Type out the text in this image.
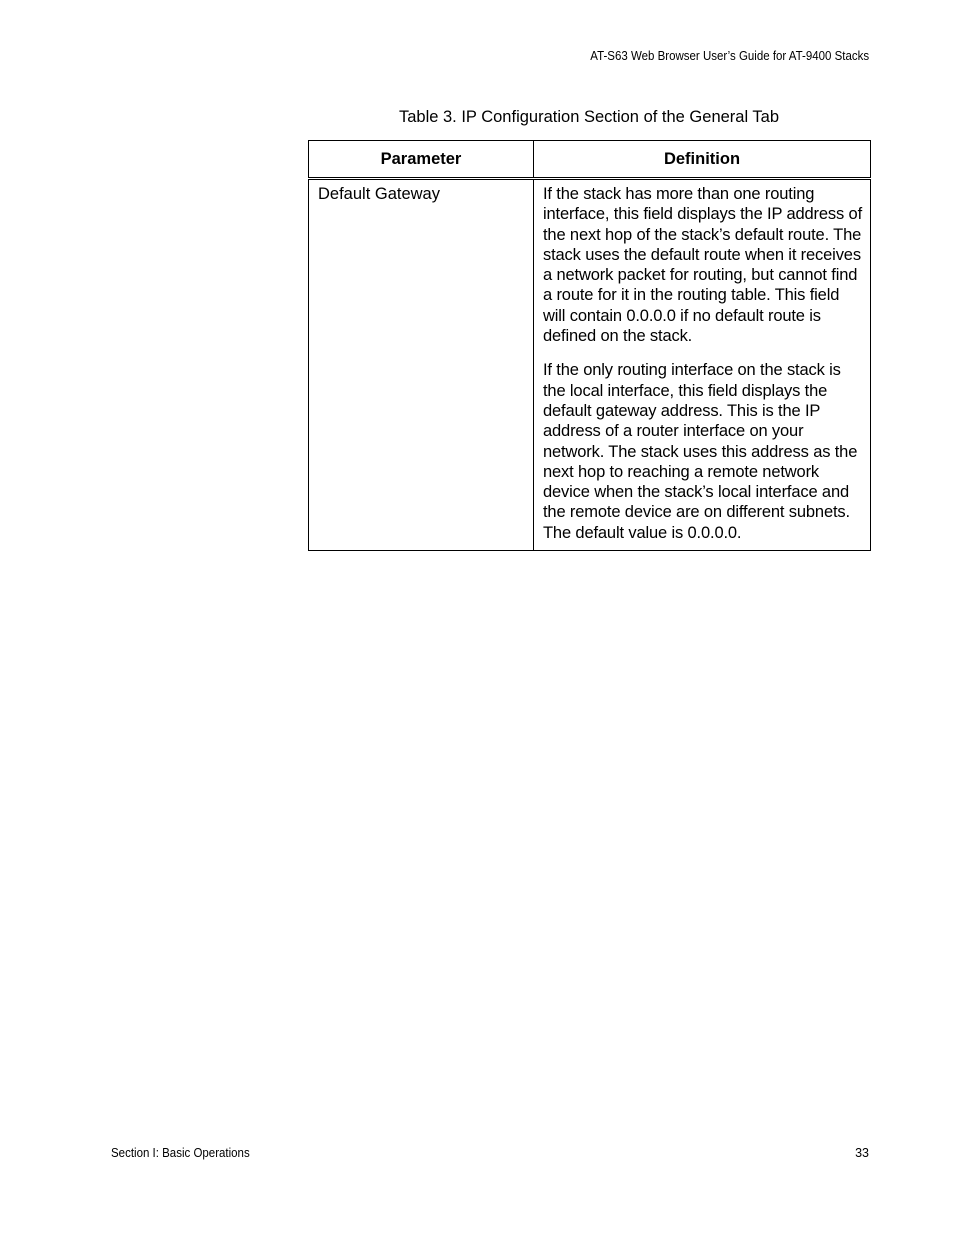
AT-S63 Web Browser User’s Guide for AT-9400 Stacks
Table 3. IP Configuration Section of the General Tab
Parameter	Definition
Default Gateway	If the stack has more than one routing interface, this field displays the IP address of the next hop of the stack’s default route. The stack uses the default route when it receives a network packet for routing, but cannot find a route for it in the routing table. This field will contain 0.0.0.0 if no default route is defined on the stack.

If the only routing interface on the stack is the local interface, this field displays the default gateway address. This is the IP address of a router interface on your network. The stack uses this address as the next hop to reaching a remote network device when the stack’s local interface and the remote device are on different subnets. The default value is 0.0.0.0.

Section I: Basic Operations	33
